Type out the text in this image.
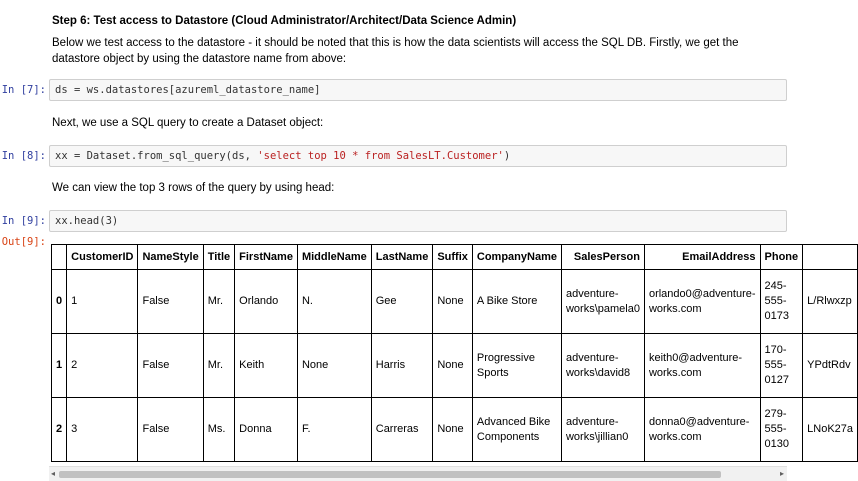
Step 6: Test access to Datastore (Cloud Administrator/Architect/Data Science Admin)

Below we test access to the datastore - it should be noted that this is how the data scientists will access the SQL DB. Firstly, we get the datastore object by using the datastore name from above:

In [7]: ds = ws.datastores[azureml_datastore_name]

Next, we use a SQL query to create a Dataset object:

In [8]: xx = Dataset.from_sql_query(ds, 'select top 10 * from SalesLT.Customer')

We can view the top 3 rows of the query by using head:

In [9]: xx.head(3)
Out[9]:
	CustomerID	NameStyle	Title	FirstName	MiddleName	LastName	Suffix	CompanyName	SalesPerson	EmailAddress	Phone	
0	1	False	Mr.	Orlando	N.	Gee	None	A Bike Store	adventure-works\pamela0	orlando0@adventure-works.com	245-555-0173	L/Rlwxzp
1	2	False	Mr.	Keith	None	Harris	None	Progressive Sports	adventure-works\david8	keith0@adventure-works.com	170-555-0127	YPdtRdv
2	3	False	Ms.	Donna	F.	Carreras	None	Advanced Bike Components	adventure-works\jillian0	donna0@adventure-works.com	279-555-0130	LNoK27a
◂	▸
